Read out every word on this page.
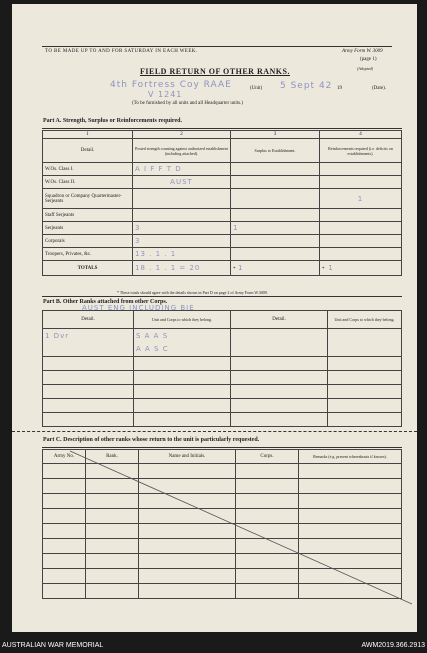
TO BE MADE UP TO AND FOR SATURDAY IN EACH WEEK.	Army Form W. 3009
(page 1)
(Adopted)
FIELD RETURN OF OTHER RANKS.
4th Fortress Coy RAAE
V 1241
(Unit) 5 Sept 42 19	(Date).
(To be furnished by all units and all Headquarter units.)
Part A. Strength, Surplus or Reinforcements required.
1	2	3	4
Detail.	Posted strength counting against authorized establishment (including attached).	Surplus to Establishment.	Reinforcements required (i.e. deficits on establishments).
W.Os. Class I.	A I F F T D		
W.Os. Class II.	AUST		
Squadron or Company Quartermaster-Serjeants			1
Staff Serjeants			
Serjeants	3	1	
Corporals	3		
Troopers, Privates, &c.	13 . 1 . 1		
TOTALS	18 . 1 . 1 = 20	*  1	*   1
* These totals should agree with the details shown in Part D on page 2 of Army Form W.3009.
Part B. Other Ranks attached from other Corps.
AUST ENG INCLUDING BIE
Detail.	Unit and Corps to which they belong.	Detail.	Unit and Corps to which they belong.
1 Dvr	S A A S		
	A A S C		

Part C. Description of other ranks whose return to the unit is particularly requested.
Army No.	Rank.	Name and Initials.	Corps.	Remarks (e.g. present whereabouts if known).

AUSTRALIAN WAR MEMORIAL	AWM2019.366.2913
